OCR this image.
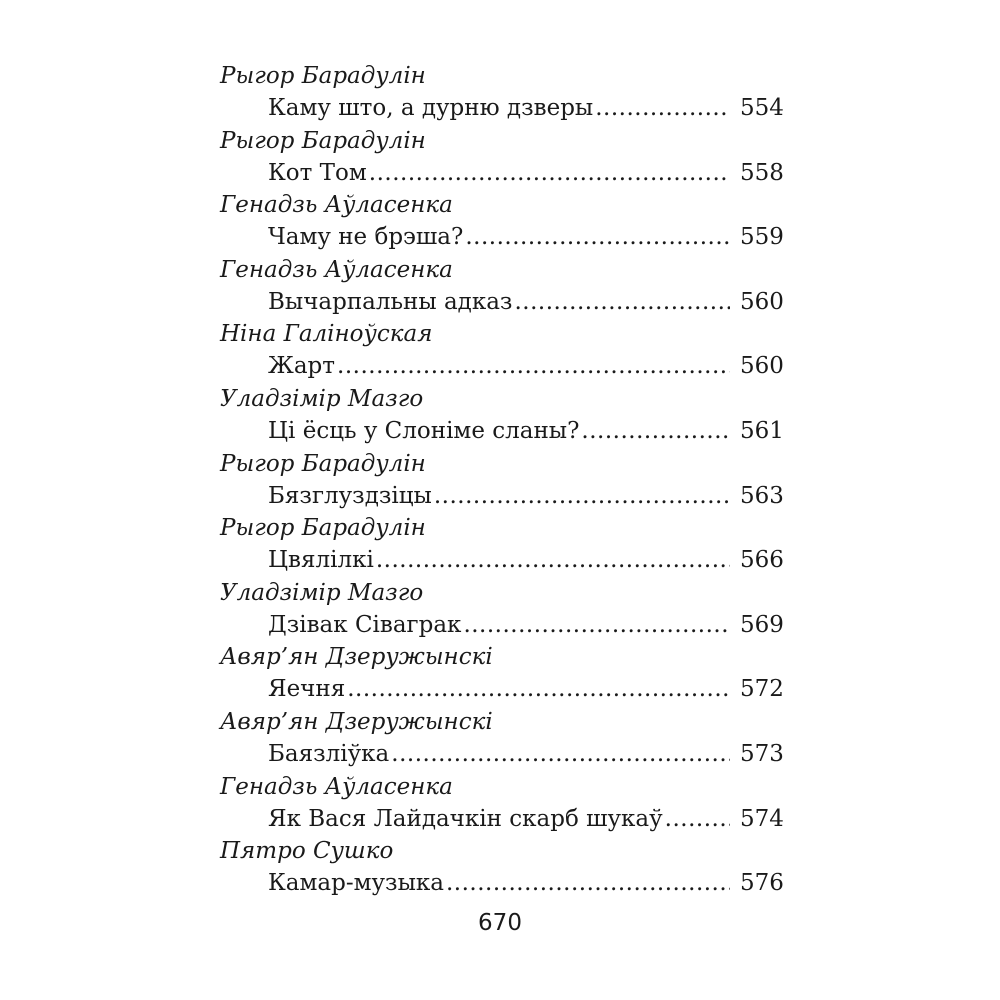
Рыгор Барадулін
Каму што, а дурню дзверы .....	554
Рыгор Барадулін
Кот Том .....	558
Генадзь Аўласенка
Чаму не брэша? .....	559
Генадзь Аўласенка
Вычарпальны адказ .....	560
Ніна Галіноўская
Жарт .....	560
Уладзімір Мазго
Ці ёсць у Слоніме сланы? .....	561
Рыгор Барадулін
Бязглуздзіцы .....	563
Рыгор Барадулін
Цвялілкі .....	566
Уладзімір Мазго
Дзівак Сіваграк .....	569
Авяр’ян Дзеружынскі
Яечня .....	572
Авяр’ян Дзеружынскі
Баязліўка .....	573
Генадзь Аўласенка
Як Вася Лайдачкін скарб шукаў .....	574
Пятро Сушко
Камар-музыка .....	576
670
